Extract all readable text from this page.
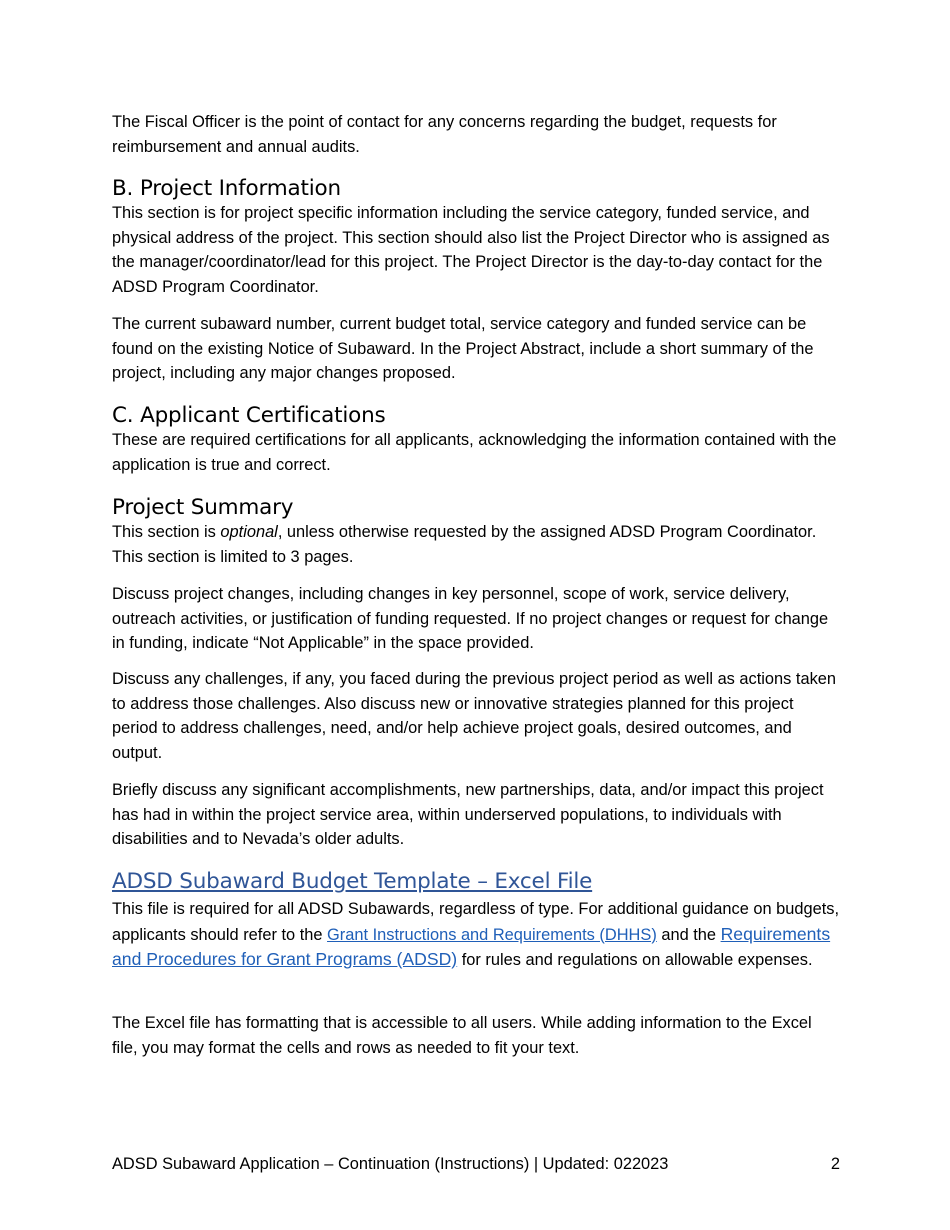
The Fiscal Officer is the point of contact for any concerns regarding the budget, requests for reimbursement and annual audits.

B. Project Information

This section is for project specific information including the service category, funded service, and physical address of the project. This section should also list the Project Director who is assigned as the manager/coordinator/lead for this project. The Project Director is the day-to-day contact for the ADSD Program Coordinator.

The current subaward number, current budget total, service category and funded service can be found on the existing Notice of Subaward. In the Project Abstract, include a short summary of the project, including any major changes proposed.

C. Applicant Certifications

These are required certifications for all applicants, acknowledging the information contained with the application is true and correct.

Project Summary

This section is optional, unless otherwise requested by the assigned ADSD Program Coordinator. This section is limited to 3 pages.

Discuss project changes, including changes in key personnel, scope of work, service delivery, outreach activities, or justification of funding requested. If no project changes or request for change in funding, indicate “Not Applicable” in the space provided.

Discuss any challenges, if any, you faced during the previous project period as well as actions taken to address those challenges. Also discuss new or innovative strategies planned for this project period to address challenges, need, and/or help achieve project goals, desired outcomes, and output.

Briefly discuss any significant accomplishments, new partnerships, data, and/or impact this project has had in within the project service area, within underserved populations, to individuals with disabilities and to Nevada’s older adults.

ADSD Subaward Budget Template – Excel File

This file is required for all ADSD Subawards, regardless of type. For additional guidance on budgets, applicants should refer to the Grant Instructions and Requirements (DHHS) and the Requirements and Procedures for Grant Programs (ADSD) for rules and regulations on allowable expenses.

The Excel file has formatting that is accessible to all users. While adding information to the Excel file, you may format the cells and rows as needed to fit your text.

ADSD Subaward Application – Continuation (Instructions) | Updated: 022023	2
